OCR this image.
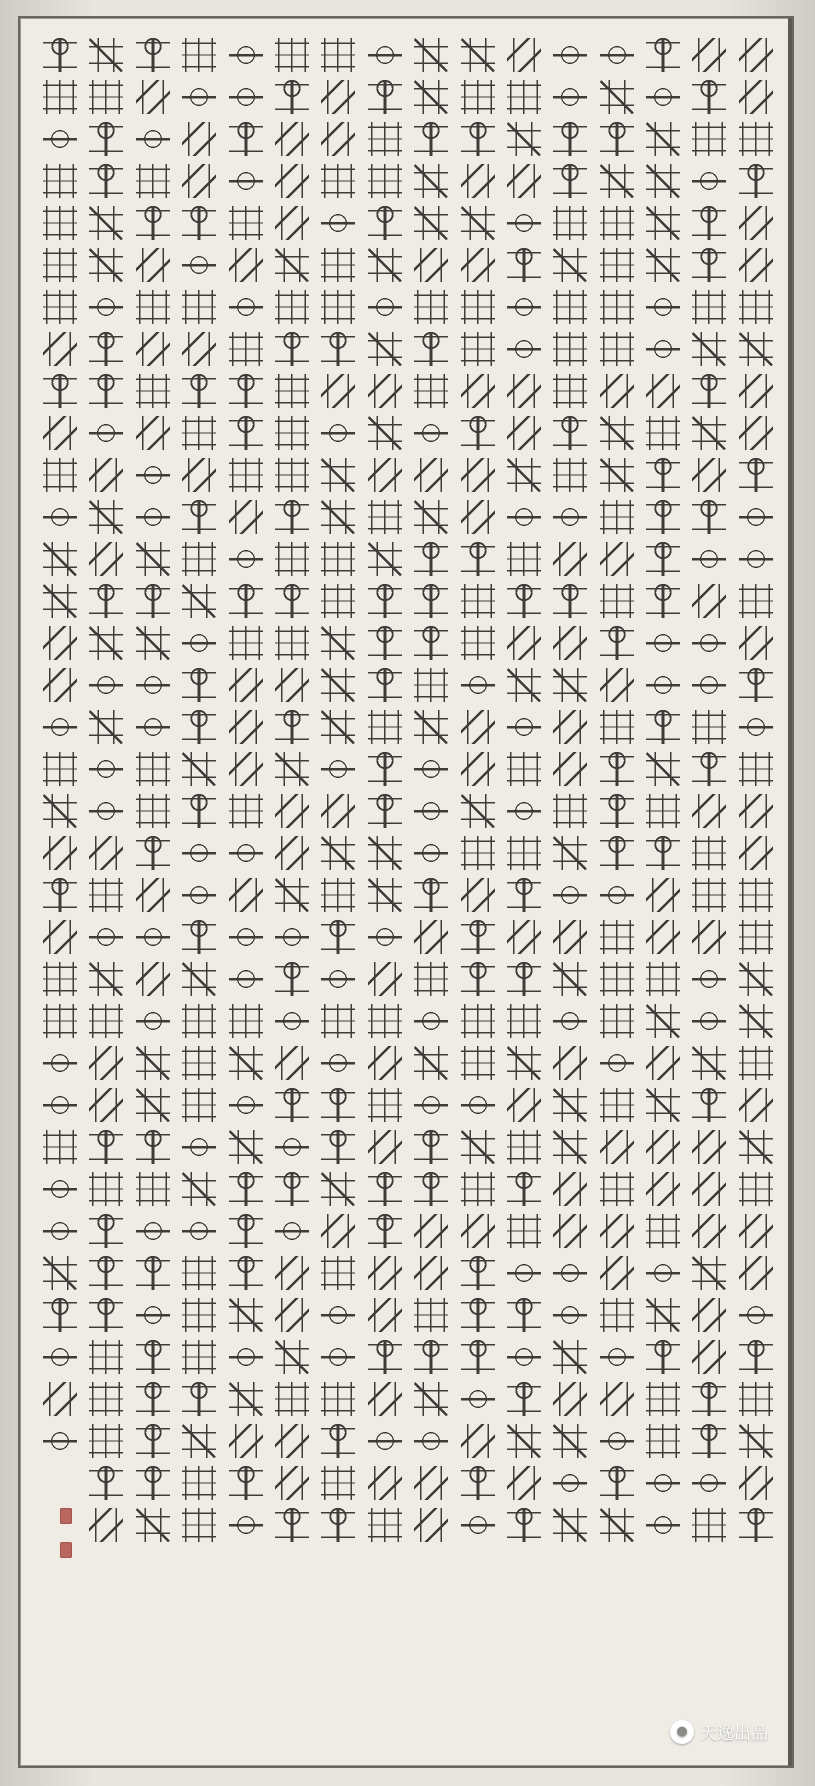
● 天逸出品
